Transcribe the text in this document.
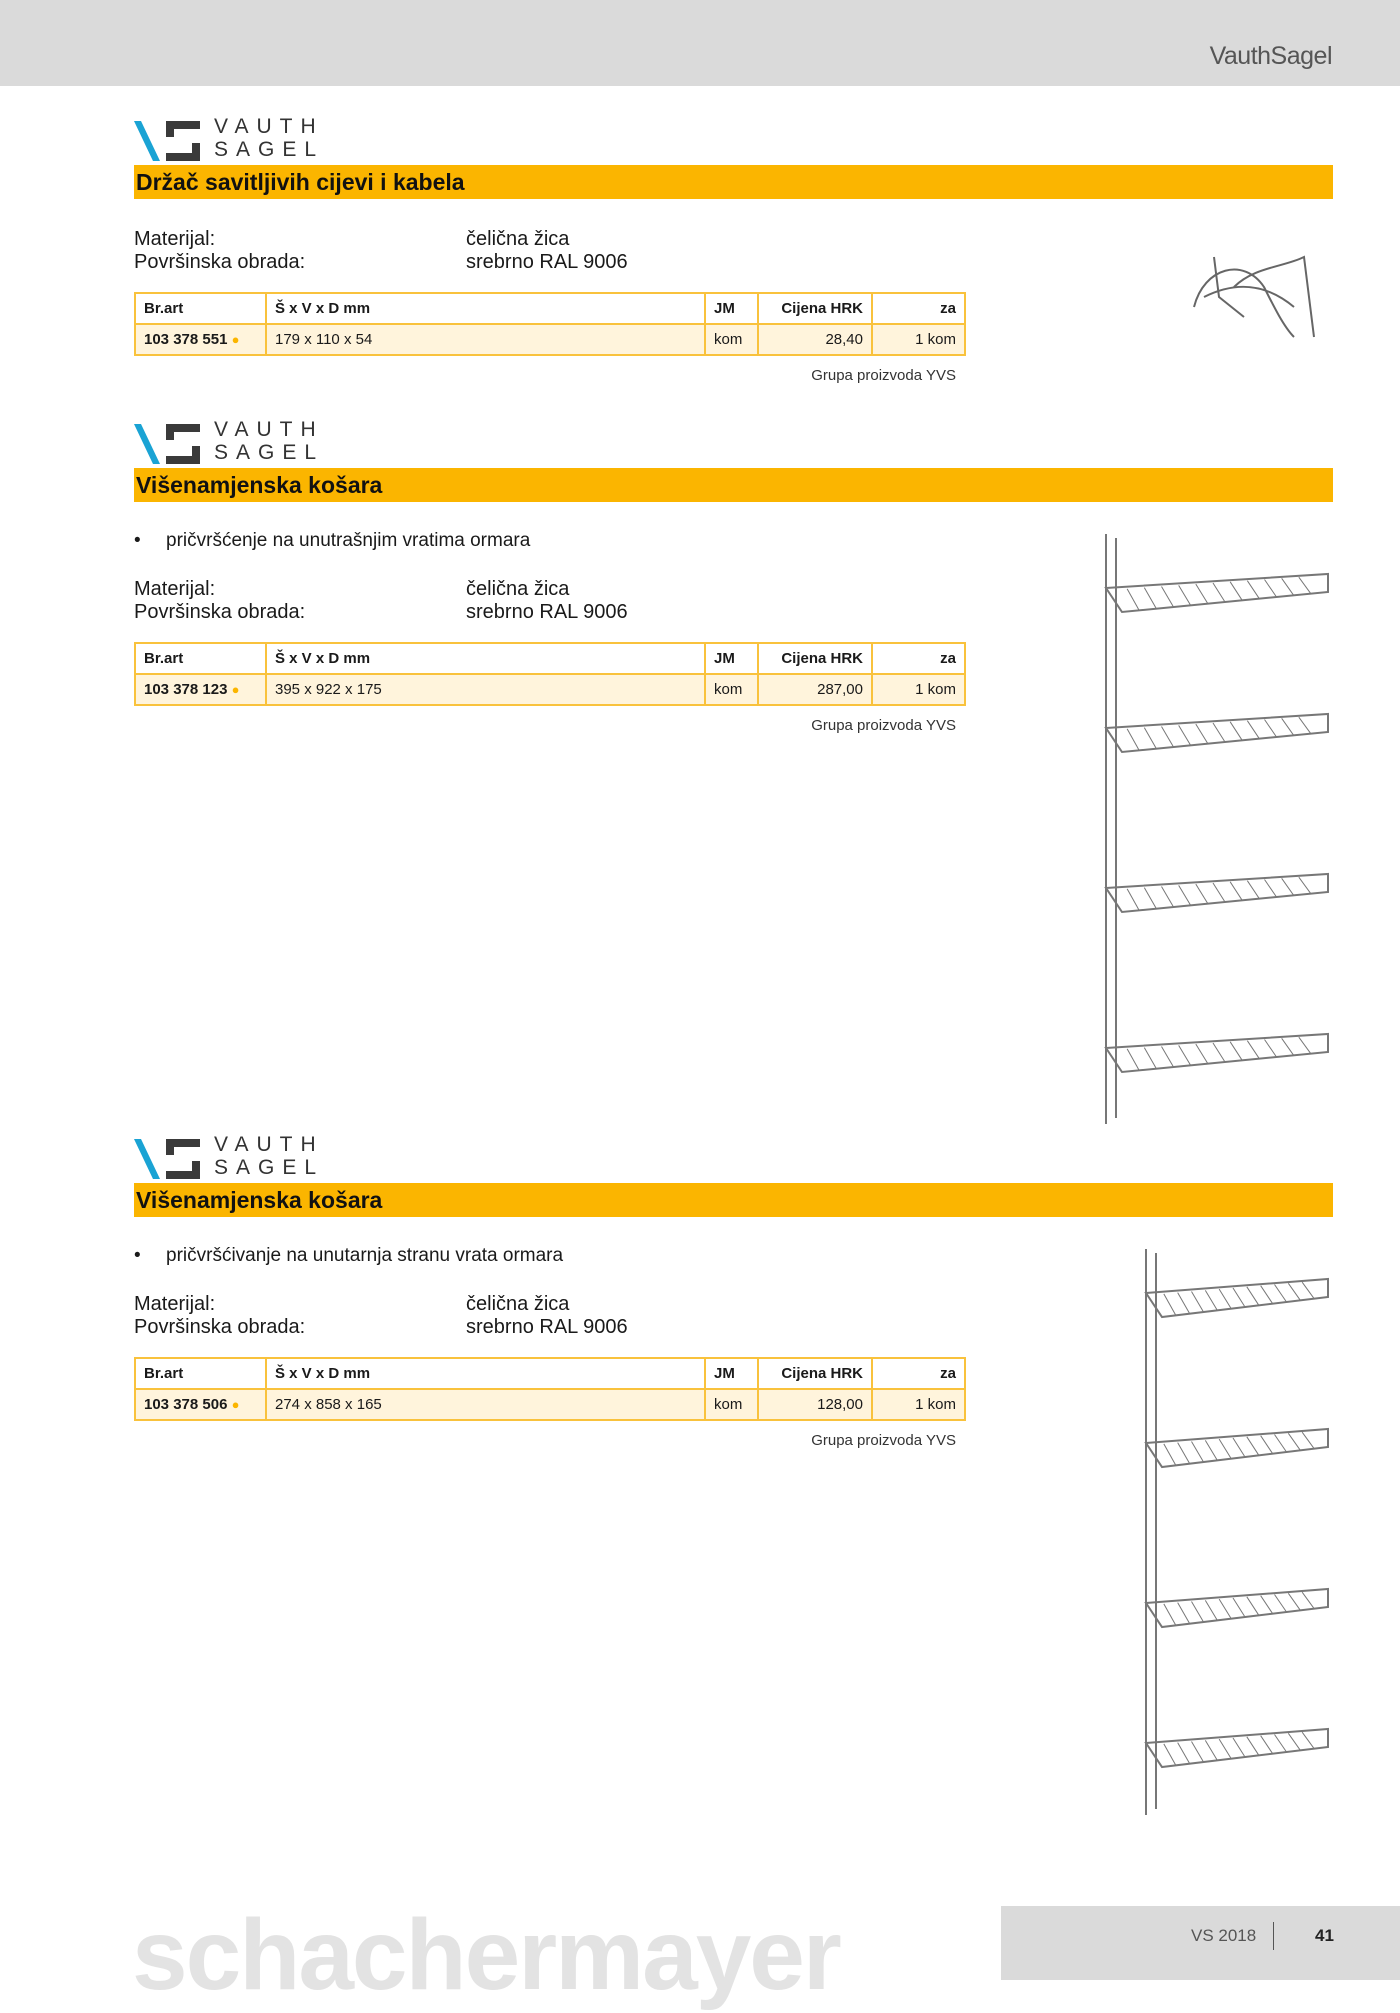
VauthSagel
VAUTH
SAGEL
Držač savitljivih cijevi i kabela
Materijal:	čelična žica
Površinska obrada:	srebrno RAL 9006
Br.art	Š x V x D mm	JM	Cijena HRK	za
103 378 551 ●	179 x 110 x 54	kom	28,40	1 kom
Grupa proizvoda YVS
VAUTH
SAGEL
Višenamjenska košara
• pričvršćenje na unutrašnjim vratima ormara
Materijal:	čelična žica
Površinska obrada:	srebrno RAL 9006
Br.art	Š x V x D mm	JM	Cijena HRK	za
103 378 123 ●	395 x 922 x 175	kom	287,00	1 kom
Grupa proizvoda YVS
VAUTH
SAGEL
Višenamjenska košara
• pričvršćivanje na unutarnja stranu vrata ormara
Materijal:	čelična žica
Površinska obrada:	srebrno RAL 9006
Br.art	Š x V x D mm	JM	Cijena HRK	za
103 378 506 ●	274 x 858 x 165	kom	128,00	1 kom
Grupa proizvoda YVS
schachermayer	VS 2018	41
